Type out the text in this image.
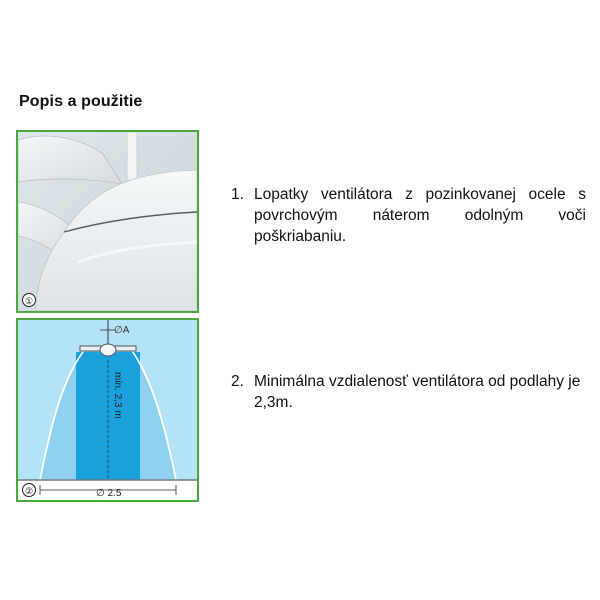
Popis a použitie
①
∅A
min. 2,3 m
∅ 2.5
②

1. Lopatky ventilátora z pozinkovanej ocele s povrchovým náterom odolným voči poškriabaniu.

2. Minimálna vzdialenosť ventilátora od podlahy je 2,3m.
